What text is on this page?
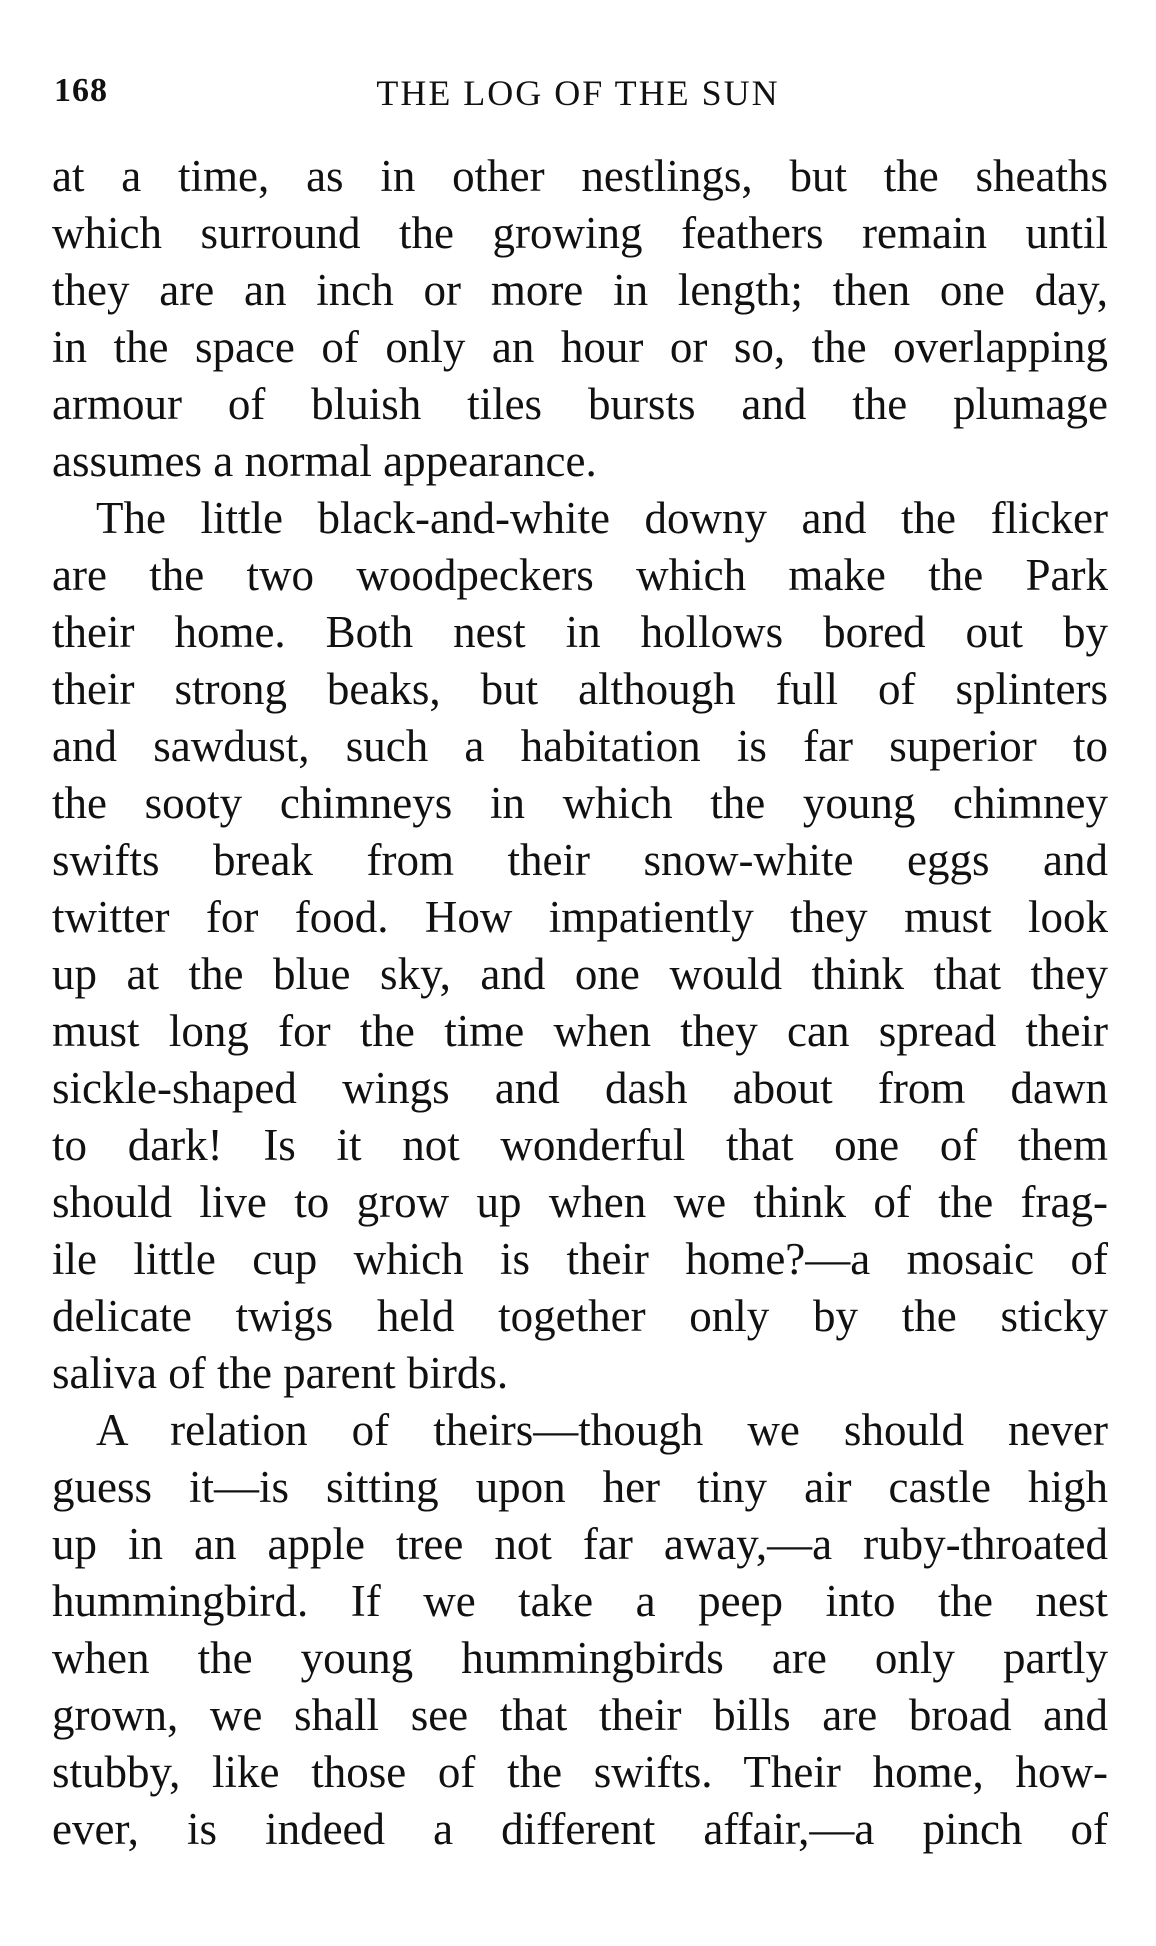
168	THE LOG OF THE SUN
at a time, as in other nestlings, but the sheaths
which surround the growing feathers remain until
they are an inch or more in length; then one day,
in the space of only an hour or so, the overlapping
armour of bluish tiles bursts and the plumage
assumes a normal appearance.
The little black-and-white downy and the flicker
are the two woodpeckers which make the Park
their home. Both nest in hollows bored out by
their strong beaks, but although full of splinters
and sawdust, such a habitation is far superior to
the sooty chimneys in which the young chimney
swifts break from their snow-white eggs and
twitter for food. How impatiently they must look
up at the blue sky, and one would think that they
must long for the time when they can spread their
sickle-shaped wings and dash about from dawn
to dark! Is it not wonderful that one of them
should live to grow up when we think of the frag-
ile little cup which is their home?—a mosaic of
delicate twigs held together only by the sticky
saliva of the parent birds.
A relation of theirs—though we should never
guess it—is sitting upon her tiny air castle high
up in an apple tree not far away,—a ruby-throated
hummingbird. If we take a peep into the nest
when the young hummingbirds are only partly
grown, we shall see that their bills are broad and
stubby, like those of the swifts. Their home, how-
ever, is indeed a different affair,—a pinch of
